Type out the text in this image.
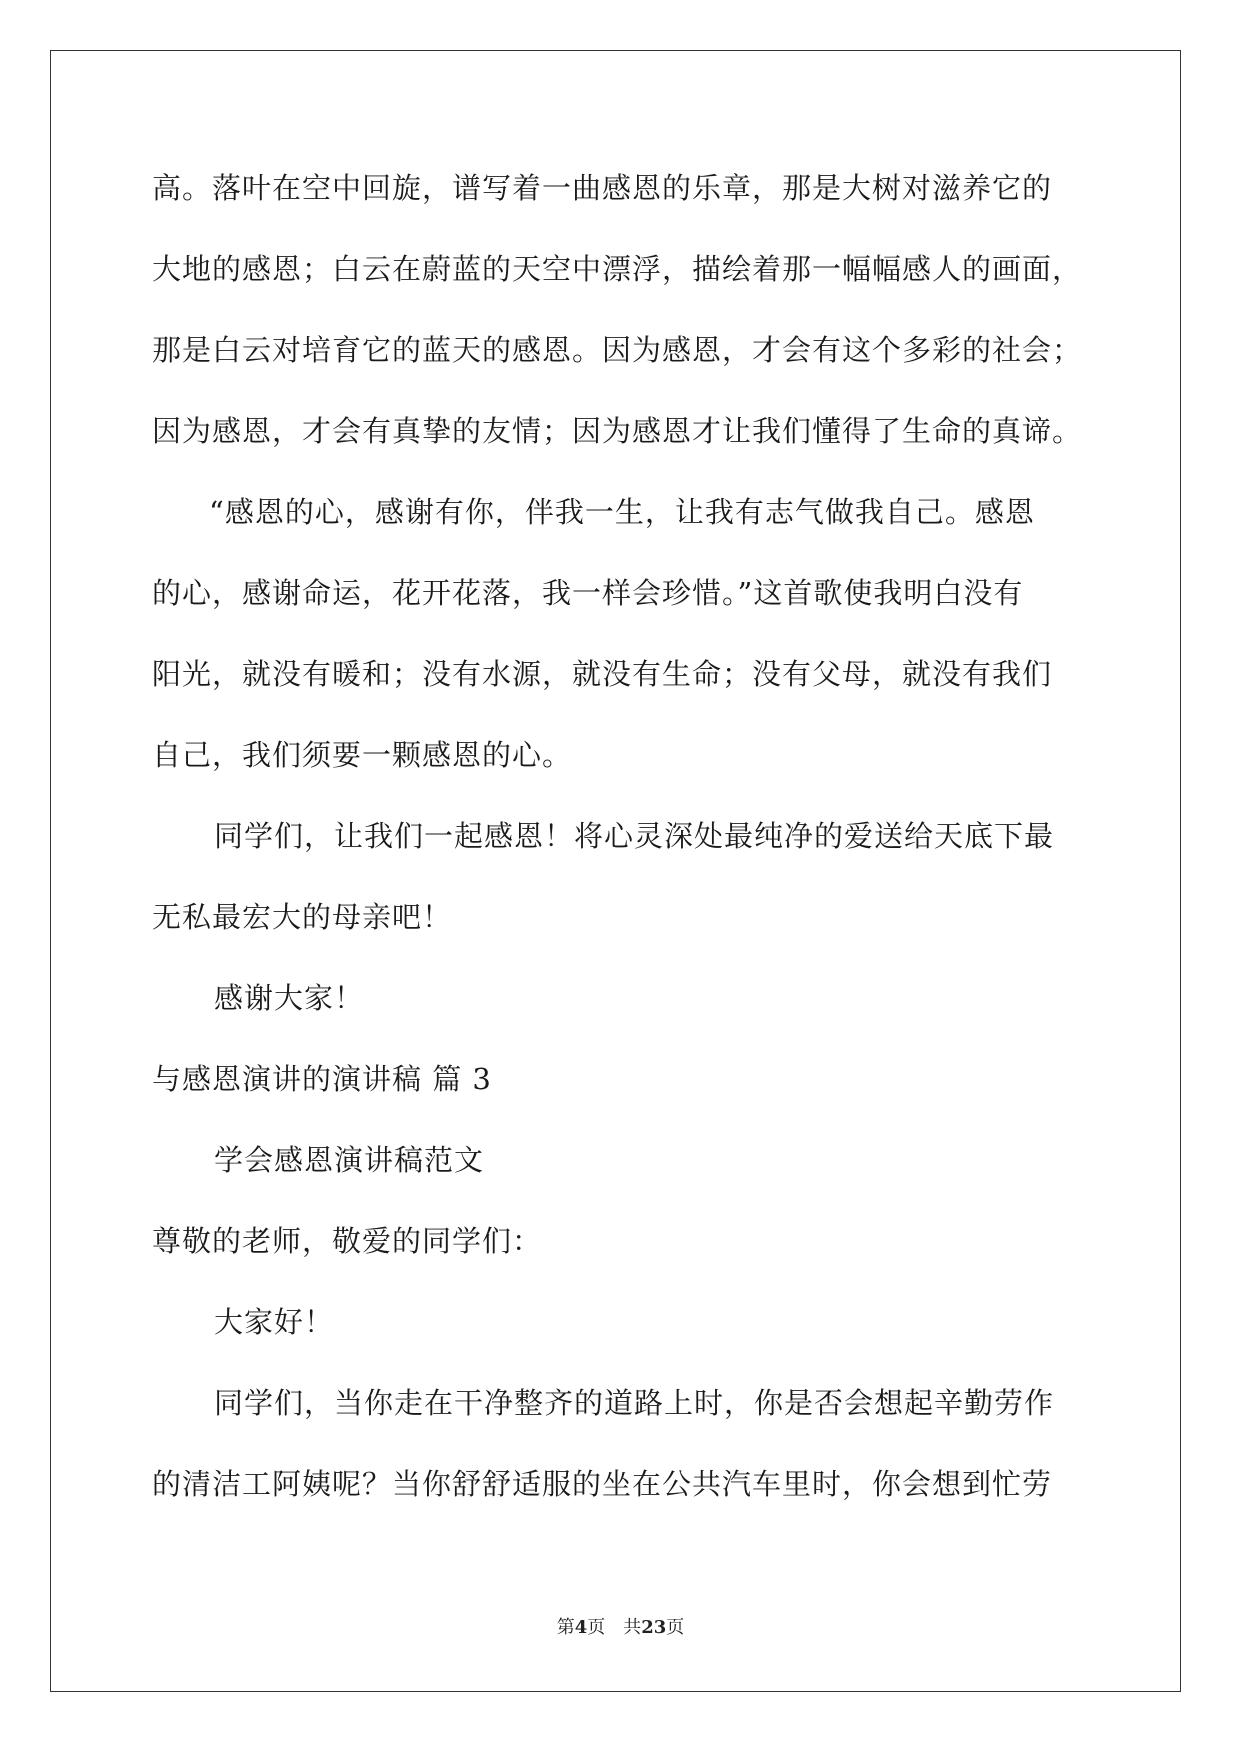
高。落叶在空中回旋，谱写着一曲感恩的乐章，那是大树对滋养它的
大地的感恩；白云在蔚蓝的天空中漂浮，描绘着那一幅幅感人的画面，
那是白云对培育它的蓝天的感恩。因为感恩，才会有这个多彩的社会；
因为感恩，才会有真挚的友情；因为感恩才让我们懂得了生命的真谛。
“感恩的心，感谢有你，伴我一生，让我有志气做我自己。感恩
的心，感谢命运，花开花落，我一样会珍惜。”这首歌使我明白没有
阳光，就没有暖和；没有水源，就没有生命；没有父母，就没有我们
自己，我们须要一颗感恩的心。
同学们，让我们一起感恩！将心灵深处最纯净的爱送给天底下最
无私最宏大的母亲吧！
感谢大家！
与感恩演讲的演讲稿 篇 3
学会感恩演讲稿范文
尊敬的老师，敬爱的同学们：
大家好！
同学们，当你走在干净整齐的道路上时，你是否会想起辛勤劳作
的清洁工阿姨呢？当你舒舒适服的坐在公共汽车里时，你会想到忙劳
第4页 共23页
